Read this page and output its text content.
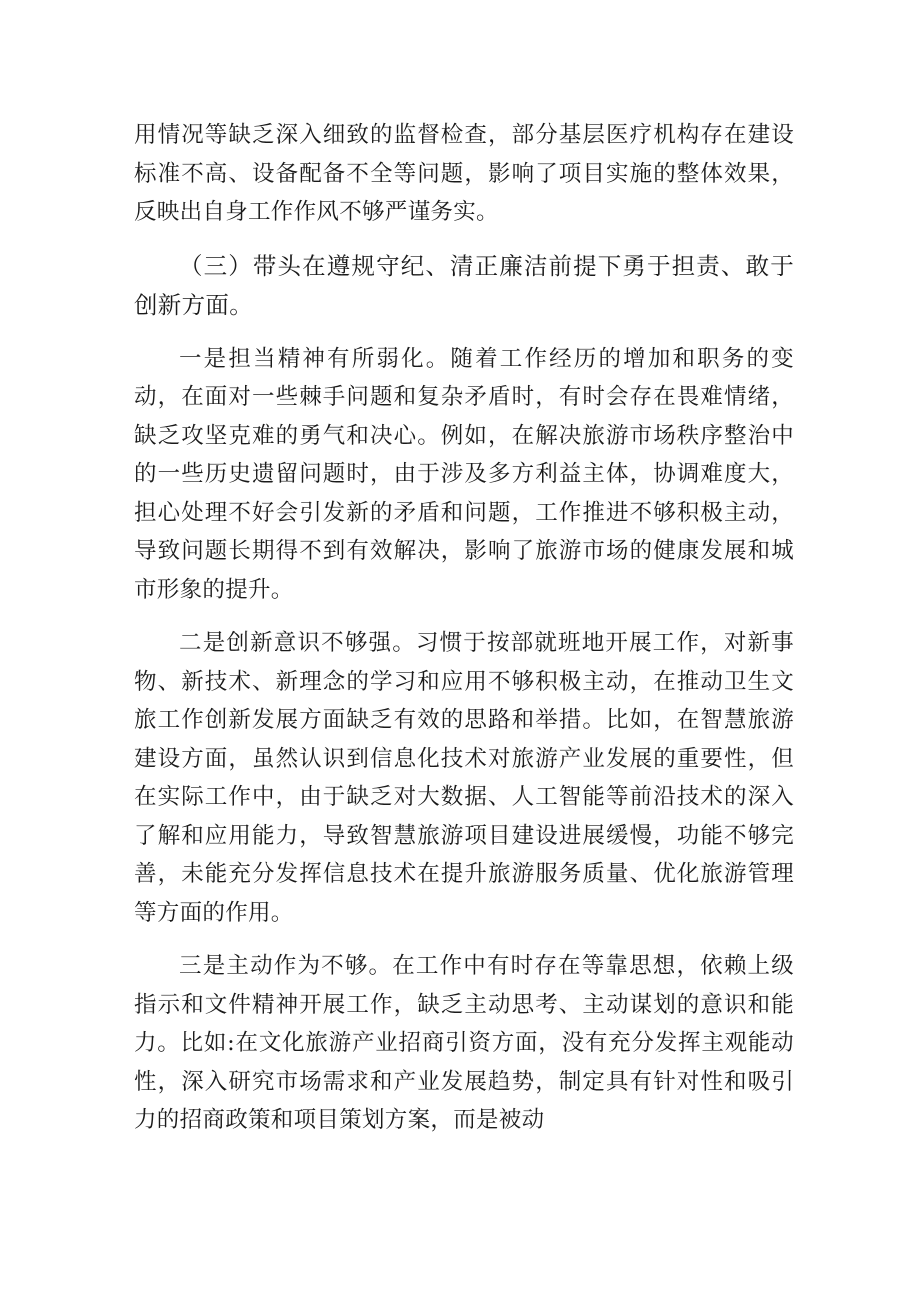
用情况等缺乏深入细致的监督检查，部分基层医疗机构存在建设标准不高、设备配备不全等问题，影响了项目实施的整体效果，反映出自身工作作风不够严谨务实。

（三）带头在遵规守纪、清正廉洁前提下勇于担责、敢于创新方面。

一是担当精神有所弱化。随着工作经历的增加和职务的变动，在面对一些棘手问题和复杂矛盾时，有时会存在畏难情绪，缺乏攻坚克难的勇气和决心。例如，在解决旅游市场秩序整治中的一些历史遗留问题时，由于涉及多方利益主体，协调难度大，担心处理不好会引发新的矛盾和问题，工作推进不够积极主动，导致问题长期得不到有效解决，影响了旅游市场的健康发展和城市形象的提升。

二是创新意识不够强。习惯于按部就班地开展工作，对新事物、新技术、新理念的学习和应用不够积极主动，在推动卫生文旅工作创新发展方面缺乏有效的思路和举措。比如，在智慧旅游建设方面，虽然认识到信息化技术对旅游产业发展的重要性，但在实际工作中，由于缺乏对大数据、人工智能等前沿技术的深入了解和应用能力，导致智慧旅游项目建设进展缓慢，功能不够完善，未能充分发挥信息技术在提升旅游服务质量、优化旅游管理等方面的作用。

三是主动作为不够。在工作中有时存在等靠思想，依赖上级指示和文件精神开展工作，缺乏主动思考、主动谋划的意识和能力。比如:在文化旅游产业招商引资方面，没有充分发挥主观能动性，深入研究市场需求和产业发展趋势，制定具有针对性和吸引力的招商政策和项目策划方案，而是被动
